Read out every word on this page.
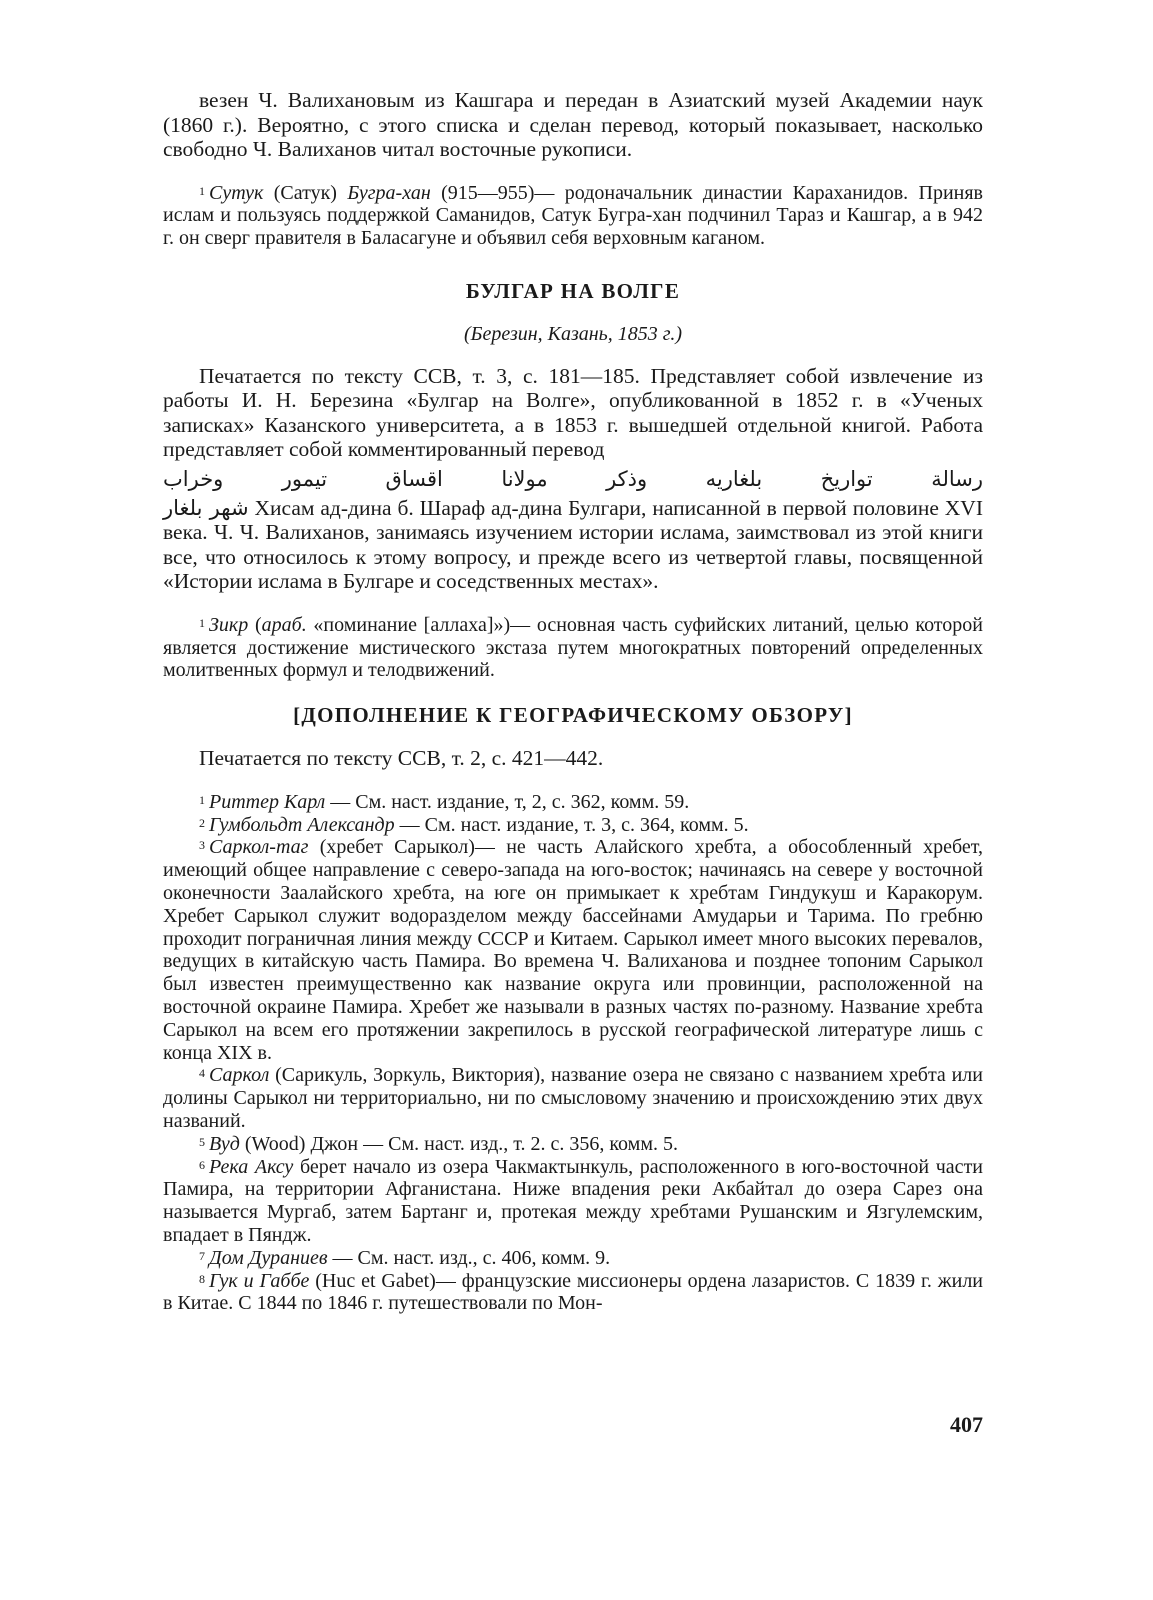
везен Ч. Валихановым из Кашгара и передан в Азиатский музей Академии наук (1860 г.). Вероятно, с этого списка и сделан перевод, который показывает, насколько свободно Ч. Валиханов читал восточные рукописи.

$^1$ Сутук (Сатук) Бугра-хан (915—955)— родоначальник династии Караханидов. Приняв ислам и пользуясь поддержкой Саманидов, Сатук Бугра-хан подчинил Тараз и Кашгар, а в 942 г. он сверг правителя в Баласагуне и объявил себя верховным каганом.

БУЛГАР НА ВОЛГЕ
(Березин, Казань, 1853 г.)

Печатается по тексту ССВ, т. 3, с. 181—185. Представляет собой извлечение из работы И. Н. Березина «Булгар на Волге», опубликованной в 1852 г. в «Ученых записках» Казанского университета, а в 1853 г. вышедшей отдельной книгой. Работа представляет собой комментированный перевод

رسالة تواريخ بلغاريه وذكر مولانا اقساق تيمور وخراب

شهر بلغار Хисам ад-дина б. Шараф ад-дина Булгари, написанной в первой половине XVI века. Ч. Ч. Валиханов, занимаясь изучением истории ислама, заимствовал из этой книги все, что относилось к этому вопросу, и прежде всего из четвертой главы, посвященной «Истории ислама в Булгаре и соседственных местах».

$^1$ Зикр (араб. «поминание [аллаха]»)— основная часть суфийских литаний, целью которой является достижение мистического экстаза путем многократных повторений определенных молитвенных формул и телодвижений.

[ДОПОЛНЕНИЕ К ГЕОГРАФИЧЕСКОМУ ОБЗОРУ]

Печатается по тексту ССВ, т. 2, с. 421—442.

$^1$ Риттер Карл — См. наст. издание, т, 2, с. 362, комм. 59.

$^2$ Гумбольдт Александр — См. наст. издание, т. 3, с. 364, комм. 5.

$^3$ Саркол-таг (хребет Сарыкол)— не часть Алайского хребта, а обособленный хребет, имеющий общее направление с северо-запада на юго-восток; начинаясь на севере у восточной оконечности Заалайского хребта, на юге он примыкает к хребтам Гиндукуш и Каракорум. Хребет Сарыкол служит водоразделом между бассейнами Амударьи и Тарима. По гребню проходит пограничная линия между СССР и Китаем. Сарыкол имеет много высоких перевалов, ведущих в китайскую часть Памира. Во времена Ч. Валиханова и позднее топоним Сарыкол был известен преимущественно как название округа или провинции, расположенной на восточной окраине Памира. Хребет же называли в разных частях по-разному. Название хребта Сарыкол на всем его протяжении закрепилось в русской географической литературе лишь с конца XIX в.

$^4$ Саркол (Сарикуль, Зоркуль, Виктория), название озера не связано с названием хребта или долины Сарыкол ни территориально, ни по смысловому значению и происхождению этих двух названий.

$^5$ Вуд (Wood) Джон — См. наст. изд., т. 2. с. 356, комм. 5.

$^6$ Река Аксу берет начало из озера Чакмактынкуль, расположенного в юго-восточной части Памира, на территории Афганистана. Ниже впадения реки Акбайтал до озера Сарез она называется Мургаб, затем Бартанг и, протекая между хребтами Рушанским и Язгулемским, впадает в Пяндж.

$^7$ Дом Дураниев — См. наст. изд., с. 406, комм. 9.

$^8$ Гук и Габбе (Huc et Gabet)— французские миссионеры ордена лазаристов. С 1839 г. жили в Китае. С 1844 по 1846 г. путешествовали по Мон-

407
